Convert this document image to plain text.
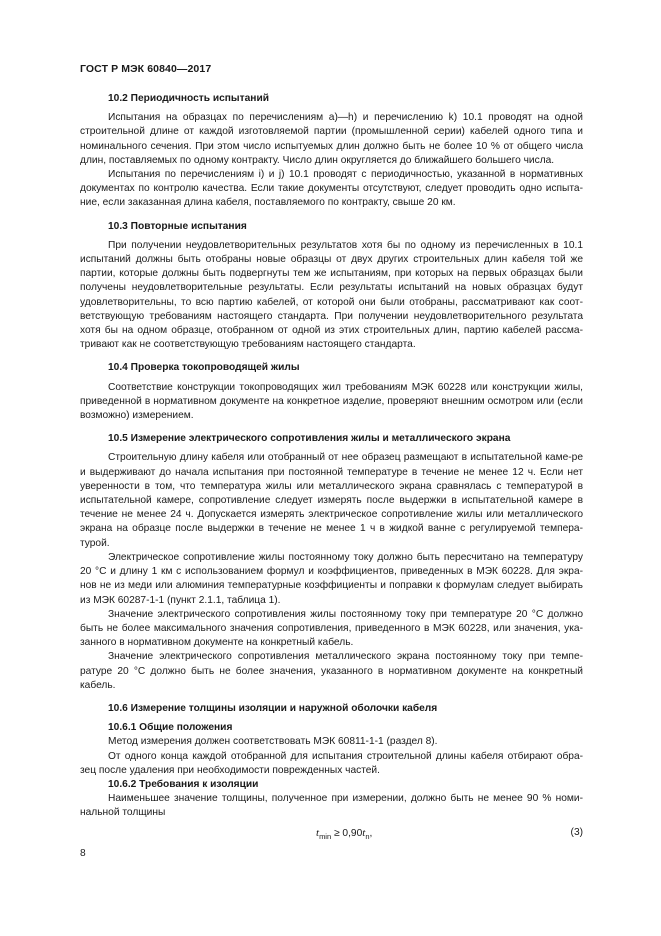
ГОСТ Р МЭК 60840—2017
10.2 Периодичность испытаний

Испытания на образцах по перечислениям a)—h) и перечислению k) 10.1 проводят на одной строительной длине от каждой изготовляемой партии (промышленной серии) кабелей одного типа и номинального сечения. При этом число испытуемых длин должно быть не более 10 % от общего числа длин, поставляемых по одному контракту. Число длин округляется до ближайшего большего числа.

Испытания по перечислениям i) и j) 10.1 проводят с периодичностью, указанной в нормативных документах по контролю качества. Если такие документы отсутствуют, следует проводить одно испыта-ние, если заказанная длина кабеля, поставляемого по контракту, свыше 20 км.

10.3 Повторные испытания

При получении неудовлетворительных результатов хотя бы по одному из перечисленных в 10.1 испытаний должны быть отобраны новые образцы от двух других строительных длин кабеля той же партии, которые должны быть подвергнуты тем же испытаниям, при которых на первых образцах были получены неудовлетворительные результаты. Если результаты испытаний на новых образцах будут удовлетворительны, то всю партию кабелей, от которой они были отобраны, рассматривают как соот-ветствующую требованиям настоящего стандарта. При получении неудовлетворительного результата хотя бы на одном образце, отобранном от одной из этих строительных длин, партию кабелей рассма-тривают как не соответствующую требованиям настоящего стандарта.

10.4 Проверка токопроводящей жилы

Соответствие конструкции токопроводящих жил требованиям МЭК 60228 или конструкции жилы, приведенной в нормативном документе на конкретное изделие, проверяют внешним осмотром или (если возможно) измерением.

10.5 Измерение электрического сопротивления жилы и металлического экрана

Строительную длину кабеля или отобранный от нее образец размещают в испытательной каме-ре и выдерживают до начала испытания при постоянной температуре в течение не менее 12 ч. Если нет уверенности в том, что температура жилы или металлического экрана сравнялась с температурой в испытательной камере, сопротивление следует измерять после выдержки в испытательной камере в течение не менее 24 ч. Допускается измерять электрическое сопротивление жилы или металлического экрана на образце после выдержки в течение не менее 1 ч в жидкой ванне с регулируемой темпера-турой.

Электрическое сопротивление жилы постоянному току должно быть пересчитано на температуру 20 °С и длину 1 км с использованием формул и коэффициентов, приведенных в МЭК 60228. Для экра-нов не из меди или алюминия температурные коэффициенты и поправки к формулам следует выбирать из МЭК 60287-1-1 (пункт 2.1.1, таблица 1).

Значение электрического сопротивления жилы постоянному току при температуре 20 °С должно быть не более максимального значения сопротивления, приведенного в МЭК 60228, или значения, ука-занного в нормативном документе на конкретный кабель.

Значение электрического сопротивления металлического экрана постоянному току при темпе-ратуре 20 °С должно быть не более значения, указанного в нормативном документе на конкретный кабель.

10.6 Измерение толщины изоляции и наружной оболочки кабеля
10.6.1 Общие положения

Метод измерения должен соответствовать МЭК 60811-1-1 (раздел 8).

От одного конца каждой отобранной для испытания строительной длины кабеля отбирают обра-зец после удаления при необходимости поврежденных частей.

10.6.2 Требования к изоляции

Наименьшее значение толщины, полученное при измерении, должно быть не менее 90 % номи-нальной толщины

$t_{min} \ge 0,90t_n$,	(3)
8
